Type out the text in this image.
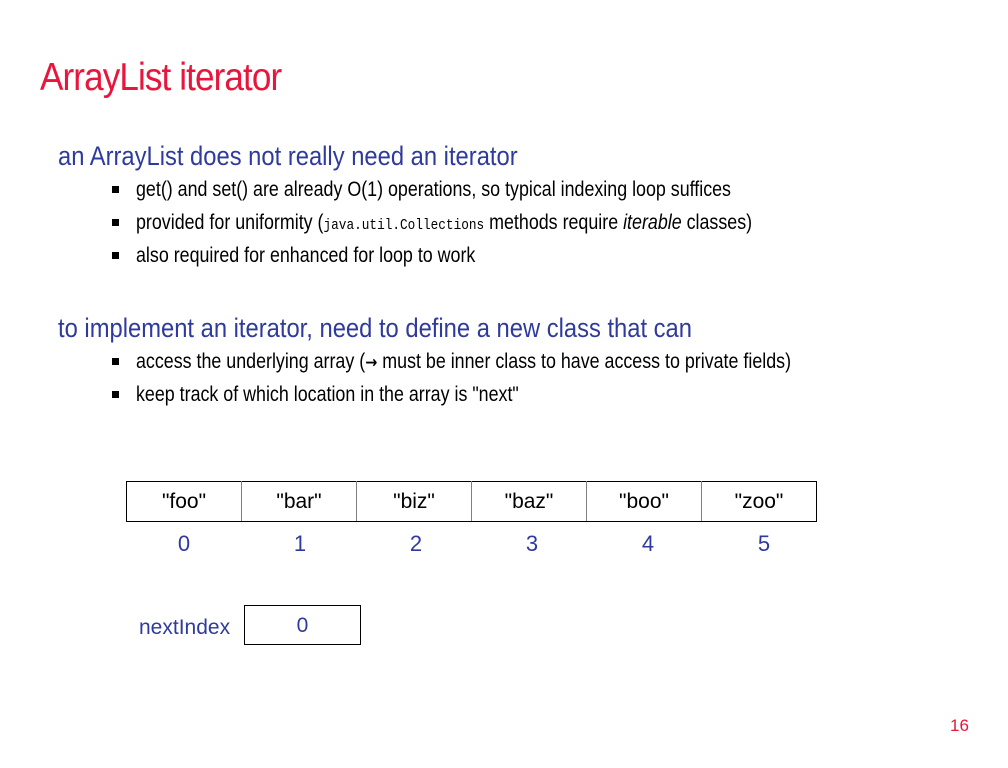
ArrayList iterator
an ArrayList does not really need an iterator
get() and set() are already O(1) operations, so typical indexing loop suffices
provided for uniformity (java.util.Collections methods require iterable classes)
also required for enhanced for loop to work
to implement an iterator, need to define a new class that can
access the underlying array (→ must be inner class to have access to private fields)
keep track of which location in the array is "next"
"foo"	"bar"	"biz"	"baz"	"boo"	"zoo"
0	1	2	3	4	5
nextIndex	0
16
